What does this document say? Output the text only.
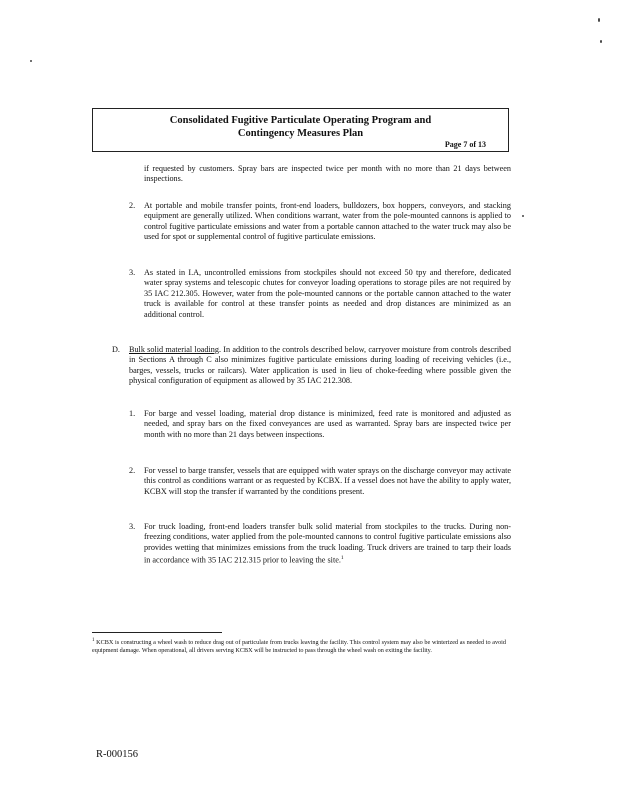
Consolidated Fugitive Particulate Operating Program and
Contingency Measures Plan
Page 7 of 13

if requested by customers. Spray bars are inspected twice per month with no more than 21 days between inspections.

2. At portable and mobile transfer points, front-end loaders, bulldozers, box hoppers, conveyors, and stacking equipment are generally utilized. When conditions warrant, water from the pole-mounted cannons is applied to control fugitive particulate emissions and water from a portable cannon attached to the water truck may also be used for spot or supplemental control of fugitive particulate emissions.

3. As stated in I.A, uncontrolled emissions from stockpiles should not exceed 50 tpy and therefore, dedicated water spray systems and telescopic chutes for conveyor loading operations to storage piles are not required by 35 IAC 212.305. However, water from the pole-mounted cannons or the portable cannon attached to the water truck is available for control at these transfer points as needed and drop distances are minimized as an additional control.

D. Bulk solid material loading. In addition to the controls described below, carryover moisture from controls described in Sections A through C also minimizes fugitive particulate emissions during loading of receiving vehicles (i.e., barges, vessels, trucks or railcars). Water application is used in lieu of choke-feeding where possible given the physical configuration of equipment as allowed by 35 IAC 212.308.

1. For barge and vessel loading, material drop distance is minimized, feed rate is monitored and adjusted as needed, and spray bars on the fixed conveyances are used as warranted. Spray bars are inspected twice per month with no more than 21 days between inspections.

2. For vessel to barge transfer, vessels that are equipped with water sprays on the discharge conveyor may activate this control as conditions warrant or as requested by KCBX. If a vessel does not have the ability to apply water, KCBX will stop the transfer if warranted by the conditions present.

3. For truck loading, front-end loaders transfer bulk solid material from stockpiles to the trucks. During non-freezing conditions, water applied from the pole-mounted cannons to control fugitive particulate emissions also provides wetting that minimizes emissions from the truck loading. Truck drivers are trained to tarp their loads in accordance with 35 IAC 212.315 prior to leaving the site.$^1$

$^1$ KCBX is constructing a wheel wash to reduce drag out of particulate from trucks leaving the facility. This control system may also be winterized as needed to avoid equipment damage. When operational, all drivers serving KCBX will be instructed to pass through the wheel wash on exiting the facility.

R-000156
